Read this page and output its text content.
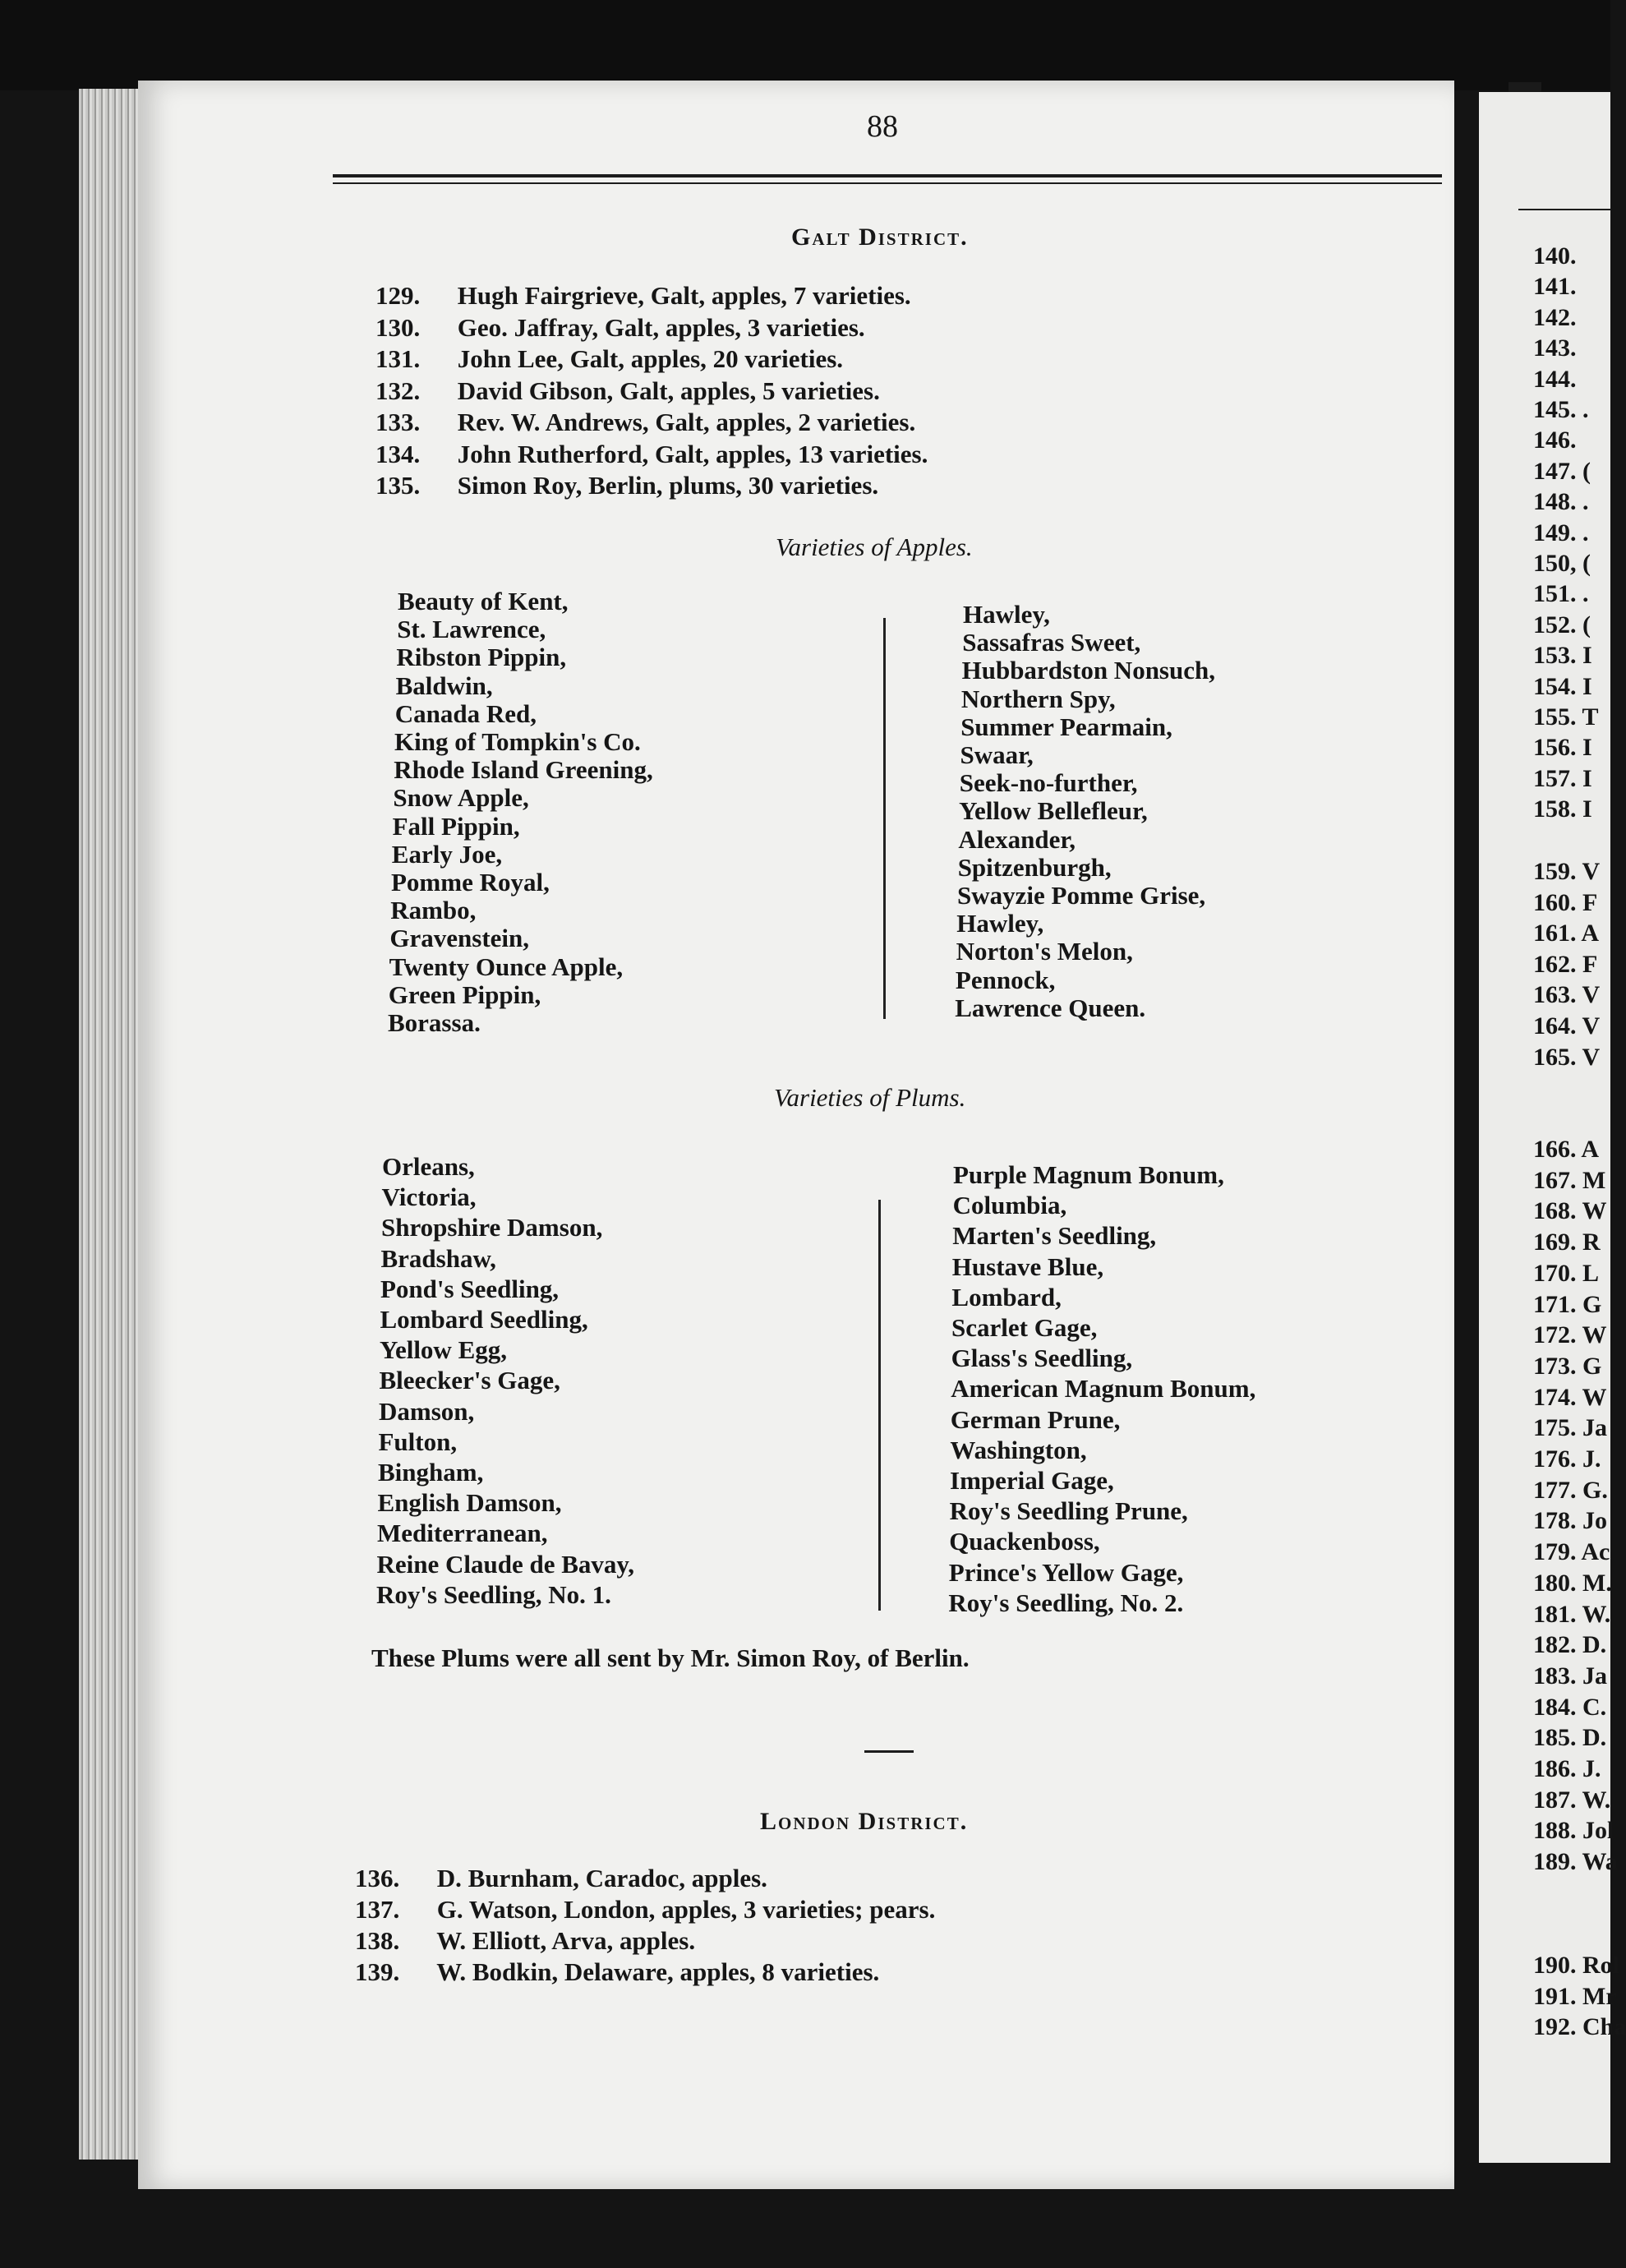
88
Galt District.
129. Hugh Fairgrieve, Galt, apples, 7 varieties.
130. Geo. Jaffray, Galt, apples, 3 varieties.
131. John Lee, Galt, apples, 20 varieties.
132. David Gibson, Galt, apples, 5 varieties.
133. Rev. W. Andrews, Galt, apples, 2 varieties.
134. John Rutherford, Galt, apples, 13 varieties.
135. Simon Roy, Berlin, plums, 30 varieties.
Varieties of Apples.
Beauty of Kent,
St. Lawrence,
Ribston Pippin,
Baldwin,
Canada Red,
King of Tompkin's Co.
Rhode Island Greening,
Snow Apple,
Fall Pippin,
Early Joe,
Pomme Royal,
Rambo,
Gravenstein,
Twenty Ounce Apple,
Green Pippin,
Borassa.
Hawley,
Sassafras Sweet,
Hubbardston Nonsuch,
Northern Spy,
Summer Pearmain,
Swaar,
Seek-no-further,
Yellow Bellefleur,
Alexander,
Spitzenburgh,
Swayzie Pomme Grise,
Hawley,
Norton's Melon,
Pennock,
Lawrence Queen.
Varieties of Plums.
Orleans,
Victoria,
Shropshire Damson,
Bradshaw,
Pond's Seedling,
Lombard Seedling,
Yellow Egg,
Bleecker's Gage,
Damson,
Fulton,
Bingham,
English Damson,
Mediterranean,
Reine Claude de Bavay,
Roy's Seedling, No. 1.
Purple Magnum Bonum,
Columbia,
Marten's Seedling,
Hustave Blue,
Lombard,
Scarlet Gage,
Glass's Seedling,
American Magnum Bonum,
German Prune,
Washington,
Imperial Gage,
Roy's Seedling Prune,
Quackenboss,
Prince's Yellow Gage,
Roy's Seedling, No. 2.
These Plums were all sent by Mr. Simon Roy, of Berlin.
London District.
136. D. Burnham, Caradoc, apples.
137. G. Watson, London, apples, 3 varieties; pears.
138. W. Elliott, Arva, apples.
139. W. Bodkin, Delaware, apples, 8 varieties.
140.
141.
142.
143.
144.
145. .
146.
147. (
148. .
149. .
150, (
151. .
152. (
153. I
154. I
155. T
156. I
157. I
158. I
159. V
160. F
161. A
162. F
163. V
164. V
165. V
166. A
167. M
168. W
169. R
170. L
171. G
172. W
173. G
174. W
175. Ja
176. J.
177. G.
178. Jo
179. Ac
180. M.
181. W.
182. D.
183. Ja
184. C.
185. D.
186. J.
187. W.
188. Jol
189. Wa
190. Rol
191. Mr
192. Cha
